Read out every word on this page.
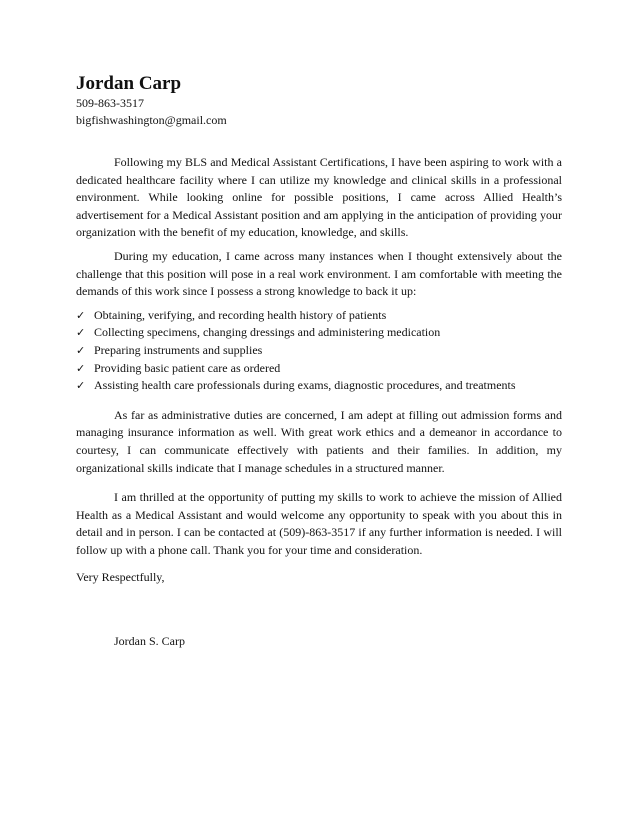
Jordan Carp
509-863-3517
bigfishwashington@gmail.com

Following my BLS and Medical Assistant Certifications, I have been aspiring to work with a dedicated healthcare facility where I can utilize my knowledge and clinical skills in a professional environment. While looking online for possible positions, I came across Allied Health’s advertisement for a Medical Assistant position and am applying in the anticipation of providing your organization with the benefit of my education, knowledge, and skills.

During my education, I came across many instances when I thought extensively about the challenge that this position will pose in a real work environment. I am comfortable with meeting the demands of this work since I possess a strong knowledge to back it up:

✓ Obtaining, verifying, and recording health history of patients
✓ Collecting specimens, changing dressings and administering medication
✓ Preparing instruments and supplies
✓ Providing basic patient care as ordered
✓ Assisting health care professionals during exams, diagnostic procedures, and treatments

As far as administrative duties are concerned, I am adept at filling out admission forms and managing insurance information as well. With great work ethics and a demeanor in accordance to courtesy, I can communicate effectively with patients and their families. In addition, my organizational skills indicate that I manage schedules in a structured manner.

I am thrilled at the opportunity of putting my skills to work to achieve the mission of Allied Health as a Medical Assistant and would welcome any opportunity to speak with you about this in detail and in person. I can be contacted at (509)-863-3517 if any further information is needed. I will follow up with a phone call. Thank you for your time and consideration.

Very Respectfully,

Jordan S. Carp
